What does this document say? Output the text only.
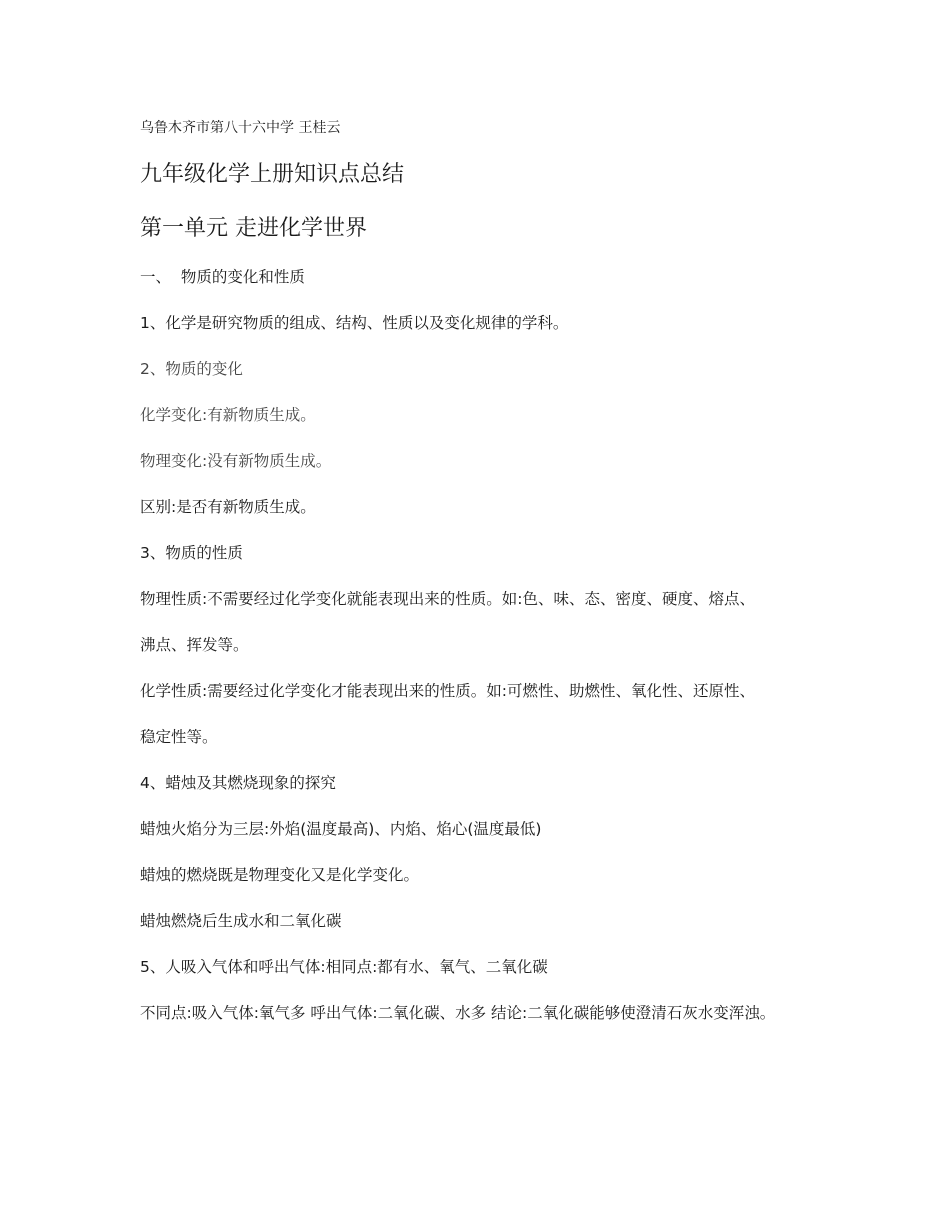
乌鲁木齐市第八十六中学 王桂云
九年级化学上册知识点总结
第一单元 走进化学世界

一、  物质的变化和性质

1、化学是研究物质的组成、结构、性质以及变化规律的学科。

2、物质的变化

化学变化:有新物质生成。

物理变化:没有新物质生成。

区别:是否有新物质生成。

3、物质的性质

物理性质:不需要经过化学变化就能表现出来的性质。如:色、味、态、密度、硬度、熔点、

沸点、挥发等。

化学性质:需要经过化学变化才能表现出来的性质。如:可燃性、助燃性、氧化性、还原性、

稳定性等。

4、蜡烛及其燃烧现象的探究

蜡烛火焰分为三层:外焰(温度最高)、内焰、焰心(温度最低)

蜡烛的燃烧既是物理变化又是化学变化。

蜡烛燃烧后生成水和二氧化碳

5、人吸入气体和呼出气体:相同点:都有水、氧气、二氧化碳

不同点:吸入气体:氧气多 呼出气体:二氧化碳、水多 结论:二氧化碳能够使澄清石灰水变浑浊。
